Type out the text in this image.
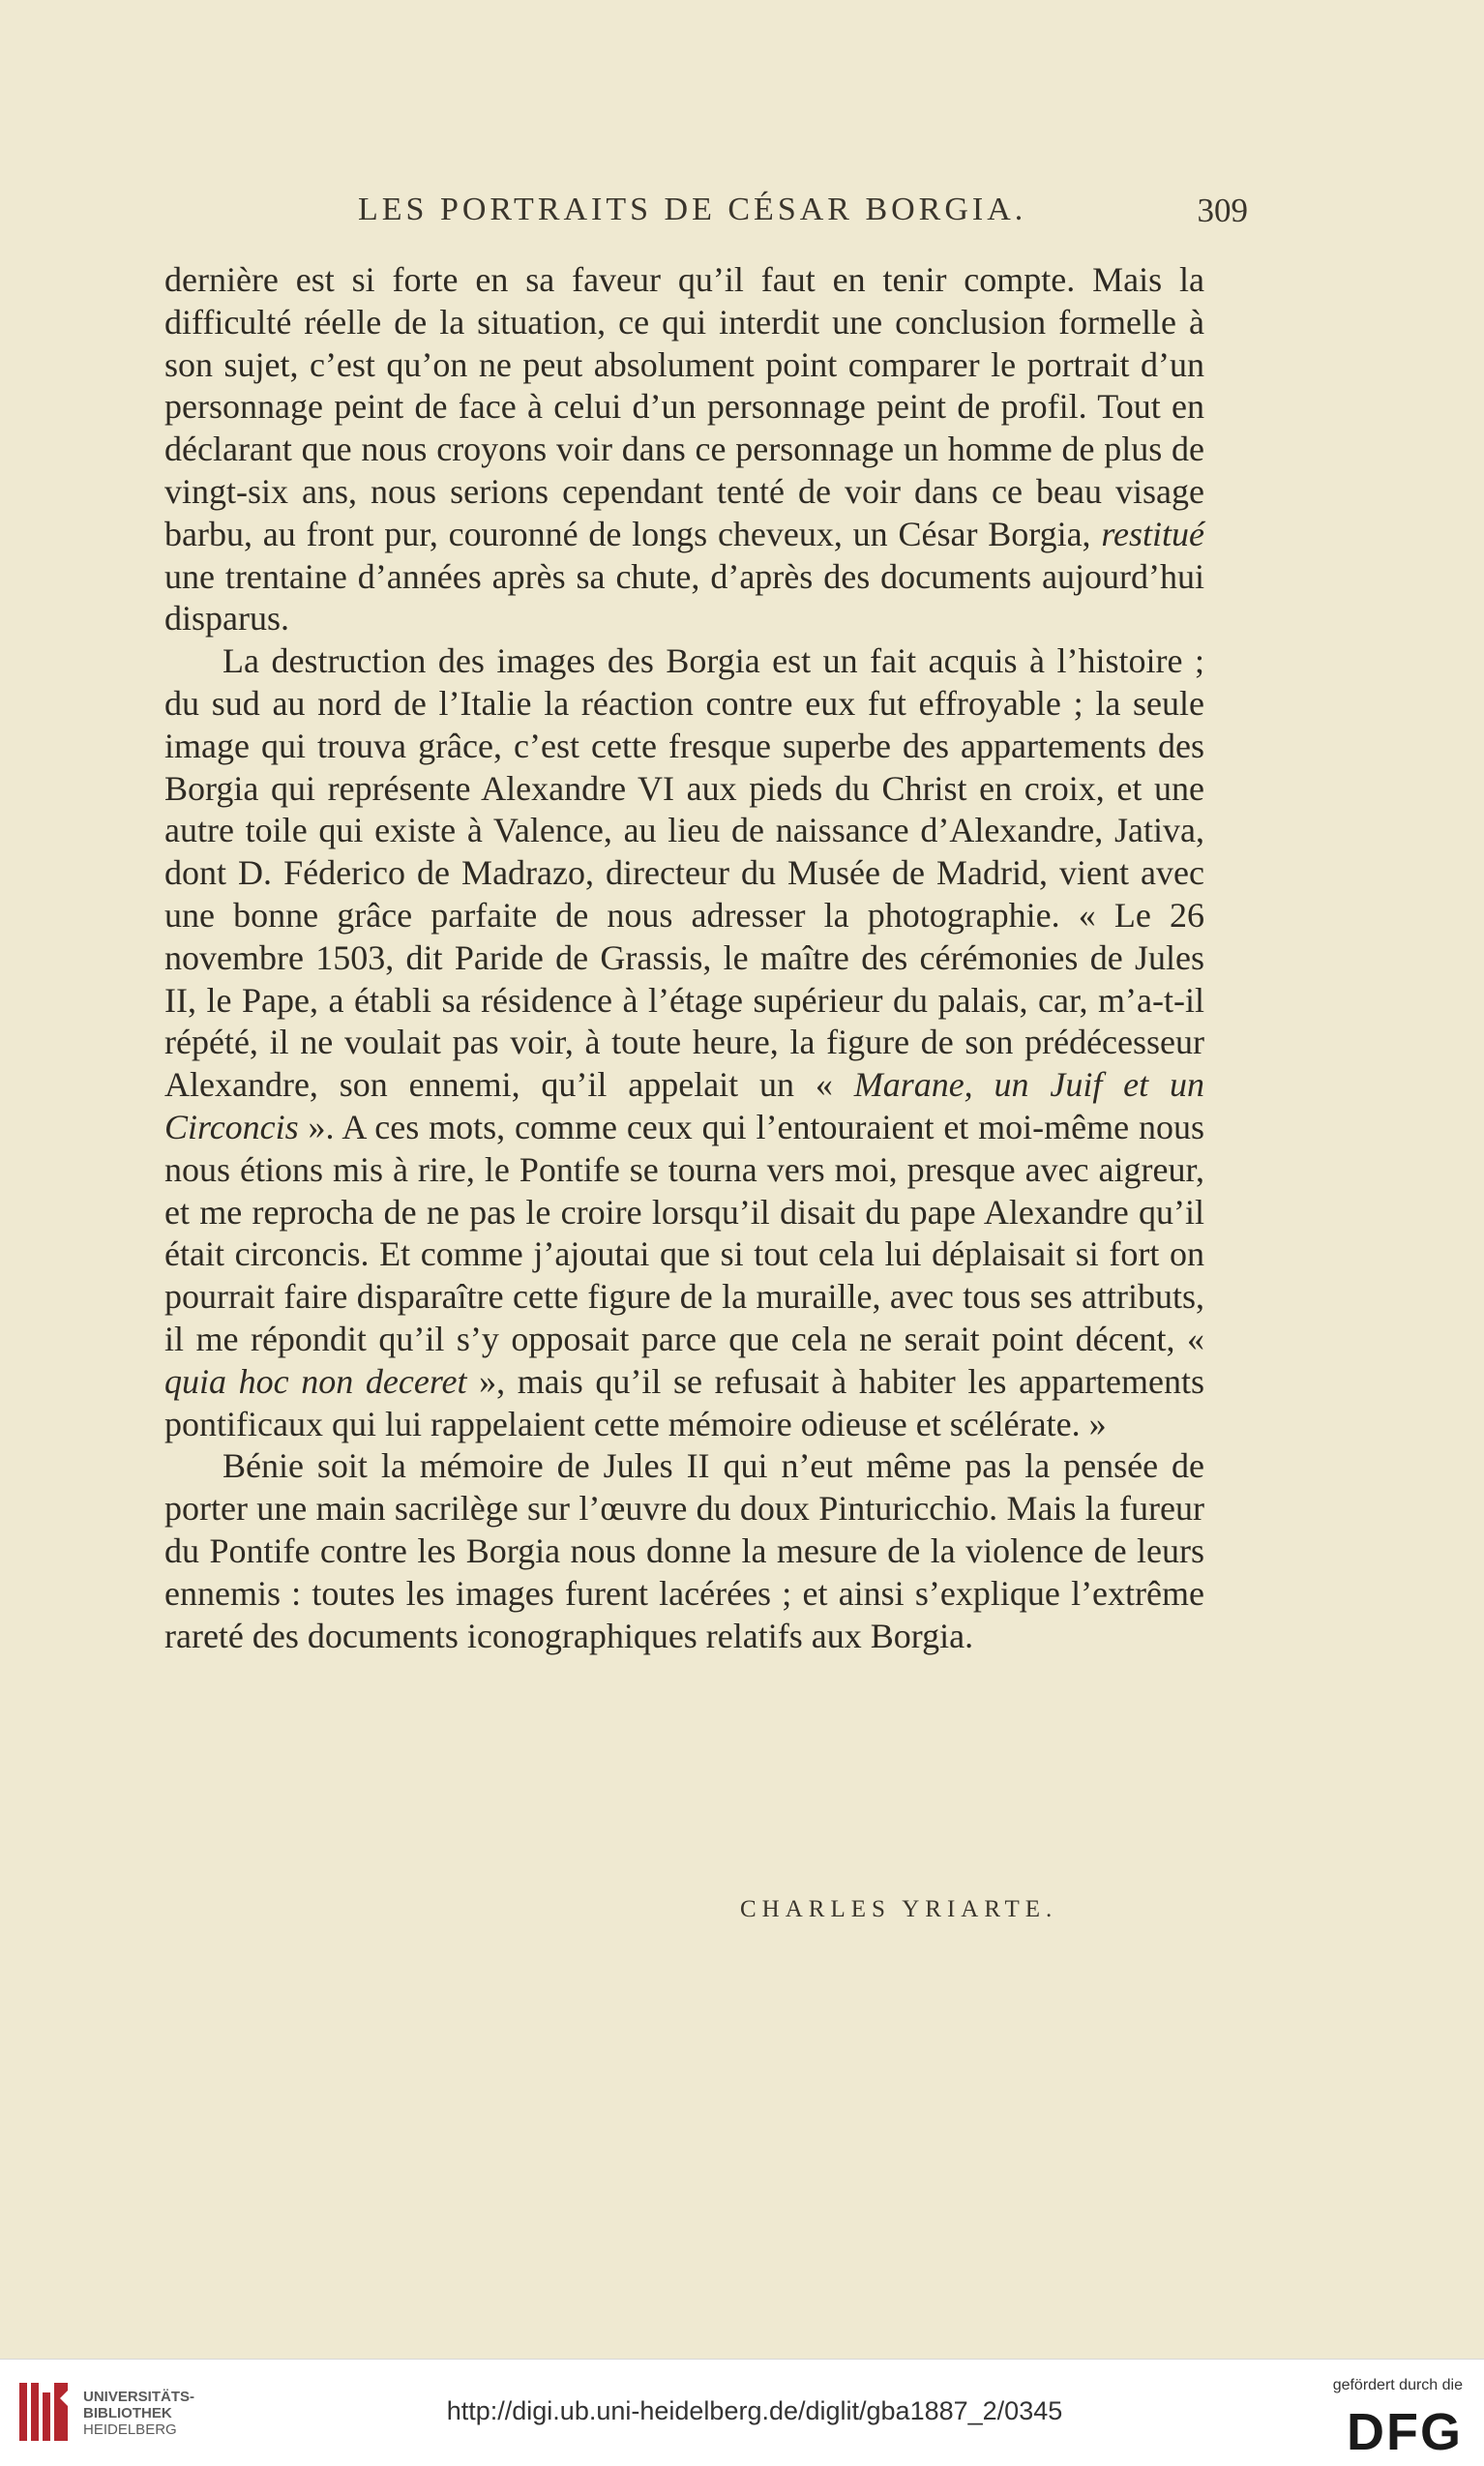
LES PORTRAITS DE CÉSAR BORGIA.	309

dernière est si forte en sa faveur qu’il faut en tenir compte. Mais la difficulté réelle de la situation, ce qui interdit une conclusion formelle à son sujet, c’est qu’on ne peut absolument point comparer le portrait d’un personnage peint de face à celui d’un personnage peint de profil. Tout en déclarant que nous croyons voir dans ce personnage un homme de plus de vingt-six ans, nous serions cependant tenté de voir dans ce beau visage barbu, au front pur, couronné de longs cheveux, un César Borgia, restitué une trentaine d’années après sa chute, d’après des documents aujourd’hui disparus.

La destruction des images des Borgia est un fait acquis à l’histoire ; du sud au nord de l’Italie la réaction contre eux fut effroyable ; la seule image qui trouva grâce, c’est cette fresque superbe des appartements des Borgia qui représente Alexandre VI aux pieds du Christ en croix, et une autre toile qui existe à Valence, au lieu de naissance d’Alexandre, Jativa, dont D. Féderico de Madrazo, directeur du Musée de Madrid, vient avec une bonne grâce parfaite de nous adresser la photographie. « Le 26 novembre 1503, dit Paride de Grassis, le maître des cérémonies de Jules II, le Pape, a établi sa résidence à l’étage supérieur du palais, car, m’a-t-il répété, il ne voulait pas voir, à toute heure, la figure de son prédécesseur Alexandre, son ennemi, qu’il appelait un « Marane, un Juif et un Circoncis ». A ces mots, comme ceux qui l’entouraient et moi-même nous nous étions mis à rire, le Pontife se tourna vers moi, presque avec aigreur, et me reprocha de ne pas le croire lorsqu’il disait du pape Alexandre qu’il était circoncis. Et comme j’ajoutai que si tout cela lui déplaisait si fort on pourrait faire disparaître cette figure de la muraille, avec tous ses attributs, il me répondit qu’il s’y opposait parce que cela ne serait point décent, « quia hoc non deceret », mais qu’il se refusait à habiter les appartements pontificaux qui lui rappelaient cette mémoire odieuse et scélérate. »

Bénie soit la mémoire de Jules II qui n’eut même pas la pensée de porter une main sacrilège sur l’œuvre du doux Pinturicchio. Mais la fureur du Pontife contre les Borgia nous donne la mesure de la violence de leurs ennemis : toutes les images furent lacérées ; et ainsi s’explique l’extrême rareté des documents iconographiques relatifs aux Borgia.

CHARLES YRIARTE.
UNIVERSITÄTS-
BIBLIOTHEK
HEIDELBERG
http://digi.ub.uni-heidelberg.de/diglit/gba1887_2/0345
gefördert durch die
DFG
